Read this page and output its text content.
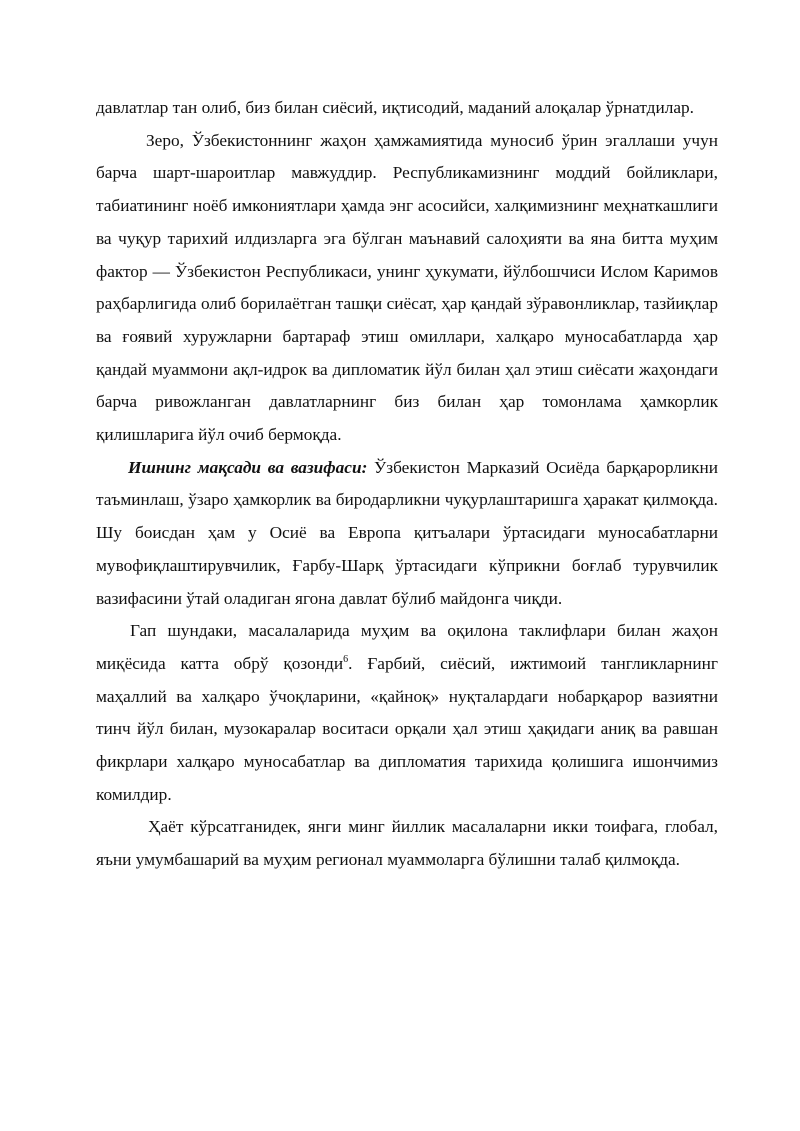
давлатлар тан олиб, биз билан сиёсий, иқтисодий, маданий алоқалар ўрнатдилар.

Зеро, Ўзбекистоннинг жаҳон ҳамжамиятида муносиб ўрин эгаллаши учун барча шарт-шароитлар мавжуддир. Республикамизнинг моддий бойликлари, табиатининг ноёб имкониятлари ҳамда энг асосийси, халқимизнинг меҳнаткашлиги ва чуқур тарихий илдизларга эга бўлган маънавий салоҳияти ва яна битта муҳим фактор — Ўзбекистон Республикаси, унинг ҳукумати, йўлбошчиси Ислом Каримов раҳбарлигида олиб борилаётган ташқи сиёсат, ҳар қандай зўравонликлар, тазйиқлар ва ғоявий хуружларни бартараф этиш омиллари, халқаро муносабатларда ҳар қандай муаммони ақл-идрок ва дипломатик йўл билан ҳал этиш сиёсати жаҳондаги барча ривожланган давлатларнинг биз билан ҳар томонлама ҳамкорлик қилишларига йўл очиб бермоқда.

Ишнинг мақсади ва вазифаси: Ўзбекистон Марказий Осиёда барқарорликни таъминлаш, ўзаро ҳамкорлик ва биродарликни чуқурлаштаришга ҳаракат қилмоқда. Шу боисдан ҳам у Осиё ва Европа қитъалари ўртасидаги муносабатларни мувофиқлаштирувчилик, Ғарбу-Шарқ ўртасидаги кўприкни боғлаб турувчилик вазифасини ўтай оладиган ягона давлат бўлиб майдонга чиқди.

Гап шундаки, масалаларида муҳим ва оқилона таклифлари билан жаҳон миқёсида катта обрў қозонди$^6$. Ғарбий, сиёсий, ижтимоий тангликларнинг маҳаллий ва халқаро ўчоқларини, «қайноқ» нуқталардаги нобарқарор вазиятни тинч йўл билан, музокаралар воситаси орқали ҳал этиш ҳақидаги аниқ ва равшан фикрлари халқаро муносабатлар ва дипломатия тарихида қолишига ишончимиз комилдир.

Ҳаёт кўрсатганидек, янги минг йиллик масалаларни икки тоифага, глобал, яъни умумбашарий ва муҳим регионал муаммоларга бўлишни талаб қилмоқда.
